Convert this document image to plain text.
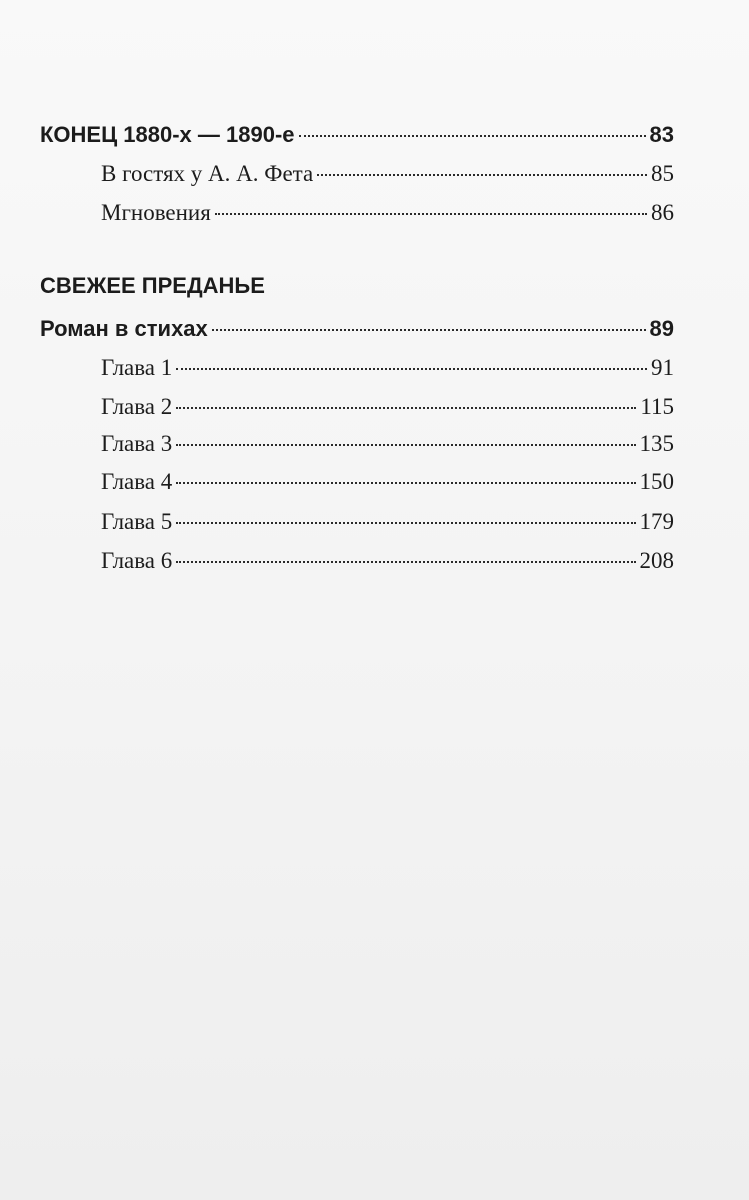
КОНЕЦ 1880-х — 1890-е	83
В гостях у А. А. Фета	85
Мгновения	86
СВЕЖЕЕ ПРЕДАНЬЕ
Роман в стихах	89
Глава 1	91
Глава 2	115
Глава 3	135
Глава 4	150
Глава 5	179
Глава 6	208
